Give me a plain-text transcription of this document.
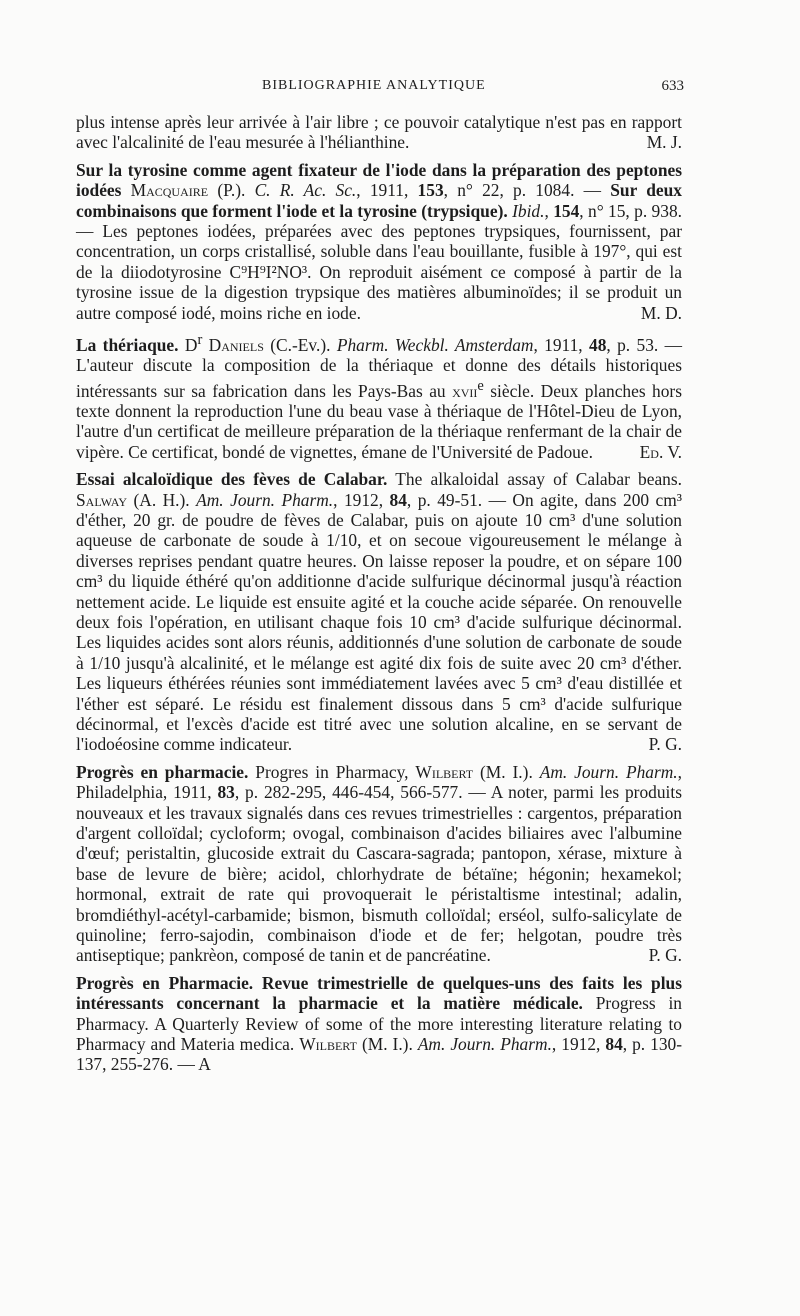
BIBLIOGRAPHIE ANALYTIQUE	633

plus intense après leur arrivée à l'air libre ; ce pouvoir catalytique n'est pas en rapport avec l'alcalinité de l'eau mesurée à l'hélianthine.	M. J.

Sur la tyrosine comme agent fixateur de l'iode dans la préparation des peptones iodées Macquaire (P.). C. R. Ac. Sc., 1911, 153, n° 22, p. 1084. — Sur deux combinaisons que forment l'iode et la tyrosine (trypsique). Ibid., 154, n° 15, p. 938. — Les peptones iodées, préparées avec des peptones trypsiques, fournissent, par concentration, un corps cristallisé, soluble dans l'eau bouillante, fusible à 197°, qui est de la diiodotyrosine C⁹H⁹I²NO³. On reproduit aisément ce composé à partir de la tyrosine issue de la digestion trypsique des matières albuminoïdes; il se produit un autre composé iodé, moins riche en iode.	M. D.

La thériaque. $D^r$ Daniels (C.-Ev.). Pharm. Weckbl. Amsterdam, 1911, 48, p. 53. — L'auteur discute la composition de la thériaque et donne des détails historiques intéressants sur sa fabrication dans les Pays-Bas au xvii$^e$ siècle. Deux planches hors texte donnent la reproduction l'une du beau vase à thériaque de l'Hôtel-Dieu de Lyon, l'autre d'un certificat de meilleure préparation de la thériaque renfermant de la chair de vipère. Ce certificat, bondé de vignettes, émane de l'Université de Padoue.	Ed. V.

Essai alcaloïdique des fèves de Calabar. The alkaloidal assay of Calabar beans. Salway (A. H.). Am. Journ. Pharm., 1912, 84, p. 49-51. — On agite, dans 200 cm³ d'éther, 20 gr. de poudre de fèves de Calabar, puis on ajoute 10 cm³ d'une solution aqueuse de carbonate de soude à 1/10, et on secoue vigoureusement le mélange à diverses reprises pendant quatre heures. On laisse reposer la poudre, et on sépare 100 cm³ du liquide éthéré qu'on additionne d'acide sulfurique décinormal jusqu'à réaction nettement acide. Le liquide est ensuite agité et la couche acide séparée. On renouvelle deux fois l'opération, en utilisant chaque fois 10 cm³ d'acide sulfurique décinormal. Les liquides acides sont alors réunis, additionnés d'une solution de carbonate de soude à 1/10 jusqu'à alcalinité, et le mélange est agité dix fois de suite avec 20 cm³ d'éther. Les liqueurs éthérées réunies sont immédiatement lavées avec 5 cm³ d'eau distillée et l'éther est séparé. Le résidu est finalement dissous dans 5 cm³ d'acide sulfurique décinormal, et l'excès d'acide est titré avec une solution alcaline, en se servant de l'iodoéosine comme indicateur.	P. G.

Progrès en pharmacie. Progres in Pharmacy, Wilbert (M. I.). Am. Journ. Pharm., Philadelphia, 1911, 83, p. 282-295, 446-454, 566-577. — A noter, parmi les produits nouveaux et les travaux signalés dans ces revues trimestrielles : cargentos, préparation d'argent colloïdal; cycloform; ovogal, combinaison d'acides biliaires avec l'albumine d'œuf; peristaltin, glucoside extrait du Cascara-sagrada; pantopon, xérase, mixture à base de levure de bière; acidol, chlorhydrate de bétaïne; hégonin; hexamekol; hormonal, extrait de rate qui provoquerait le péristaltisme intestinal; adalin, bromdiéthyl-acétyl-carbamide; bismon, bismuth colloïdal; erséol, sulfo-salicylate de quinoline; ferro-sajodin, combinaison d'iode et de fer; helgotan, poudre très antiseptique; pankrèon, composé de tanin et de pancréatine.	P. G.

Progrès en Pharmacie. Revue trimestrielle de quelques-uns des faits les plus intéressants concernant la pharmacie et la matière médicale. Progress in Pharmacy. A Quarterly Review of some of the more interesting literature relating to Pharmacy and Materia medica. Wilbert (M. I.). Am. Journ. Pharm., 1912, 84, p. 130-137, 255-276. — A
